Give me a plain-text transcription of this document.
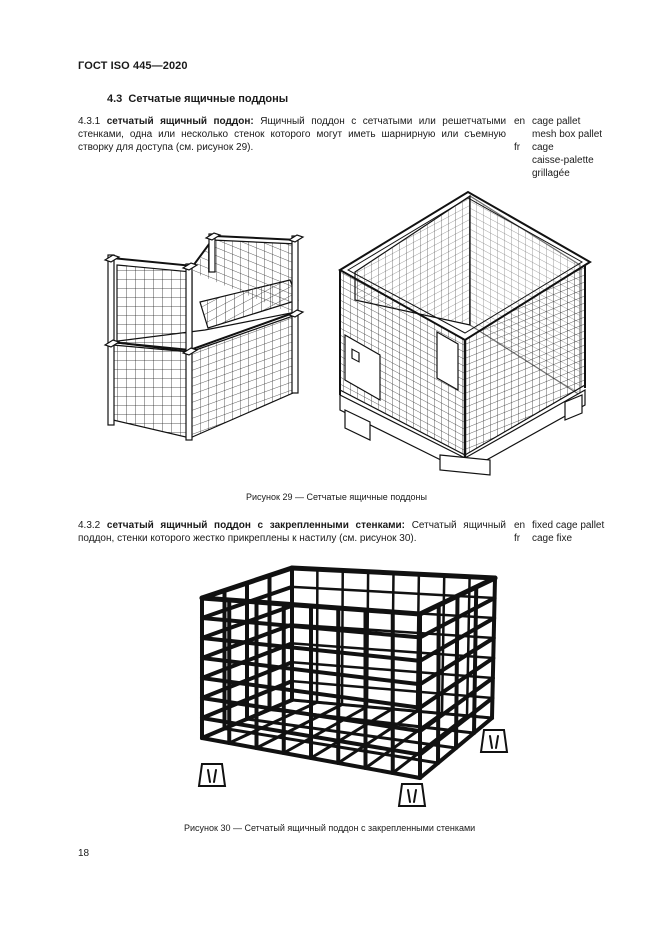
ГОСТ ISO 445—2020
4.3 Сетчатые ящичные поддоны
4.3.1 сетчатый ящичный поддон: Ящичный поддон с сетчатыми или решетчатыми стенками, одна или несколько стенок которого могут иметь шарнирную или съемную створку для доступа (см. рисунок 29).
en cage pallet
mesh box pallet
fr	cage
caisse-palette
grillagée
Рисунок 29 — Сетчатые ящичные поддоны
4.3.2 сетчатый ящичный поддон с закрепленными стенками: Сетчатый ящичный поддон, стенки которого жестко прикреплены к настилу (см. рисунок 30).
en fixed cage pallet
fr	cage fixe
Рисунок 30 — Сетчатый ящичный поддон с закрепленными стенками
18
